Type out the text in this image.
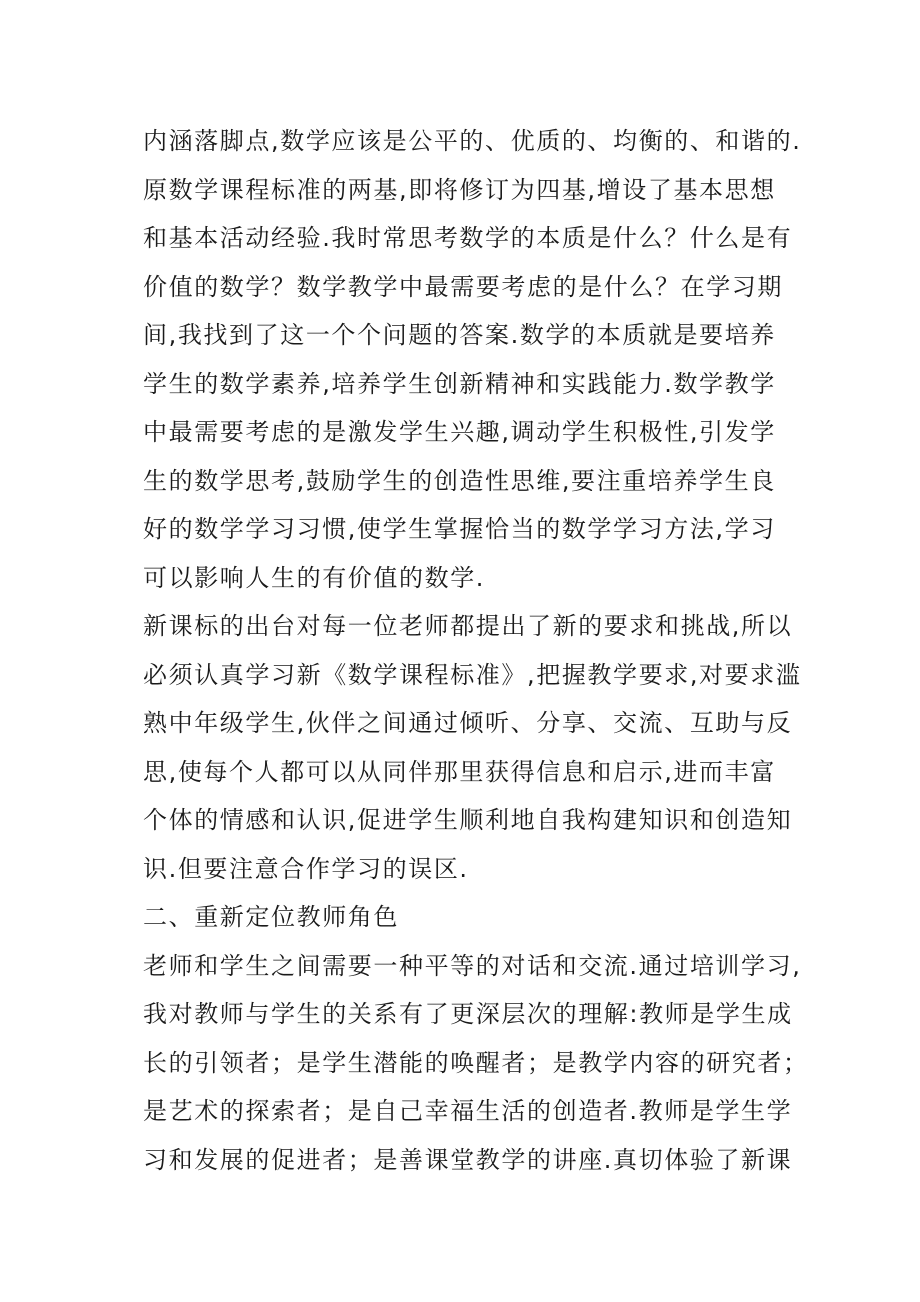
内涵落脚点,数学应该是公平的、优质的、均衡的、和谐的.
原数学课程标准的两基,即将修订为四基,增设了基本思想
和基本活动经验.我时常思考数学的本质是什么？什么是有
价值的数学？数学教学中最需要考虑的是什么？在学习期
间,我找到了这一个个问题的答案.数学的本质就是要培养
学生的数学素养,培养学生创新精神和实践能力.数学教学
中最需要考虑的是激发学生兴趣,调动学生积极性,引发学
生的数学思考,鼓励学生的创造性思维,要注重培养学生良
好的数学学习习惯,使学生掌握恰当的数学学习方法,学习
可以影响人生的有价值的数学.
新课标的出台对每一位老师都提出了新的要求和挑战,所以
必须认真学习新《数学课程标准》,把握教学要求,对要求滥
熟中年级学生,伙伴之间通过倾听、分享、交流、互助与反
思,使每个人都可以从同伴那里获得信息和启示,进而丰富
个体的情感和认识,促进学生顺利地自我构建知识和创造知
识.但要注意合作学习的误区.
二、重新定位教师角色
老师和学生之间需要一种平等的对话和交流.通过培训学习,
我对教师与学生的关系有了更深层次的理解:教师是学生成
长的引领者；是学生潜能的唤醒者；是教学内容的研究者；
是艺术的探索者；是自己幸福生活的创造者.教师是学生学
习和发展的促进者；是善课堂教学的讲座.真切体验了新课
